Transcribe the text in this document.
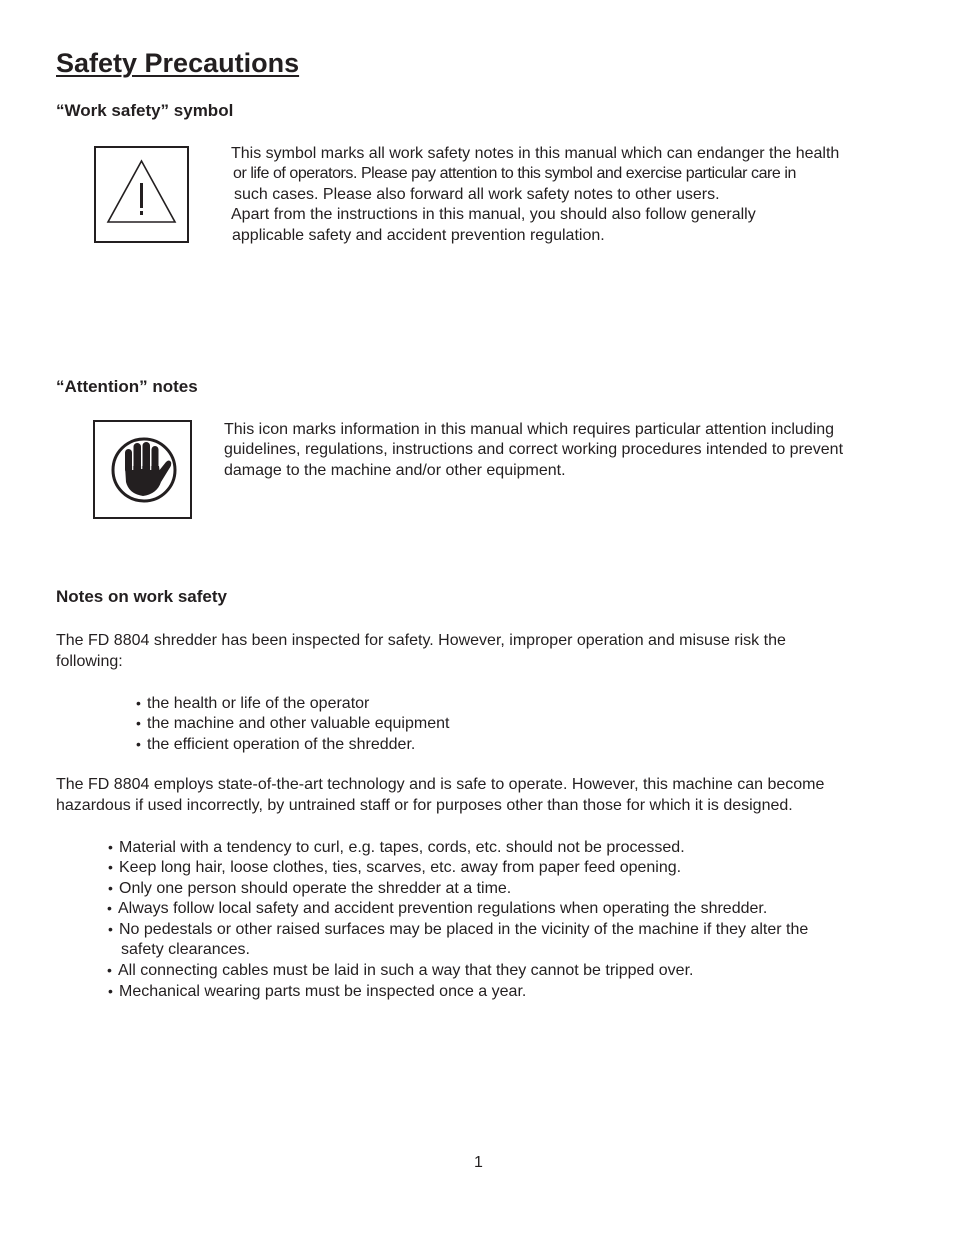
Safety Precautions
“Work safety” symbol
This symbol marks all work safety notes in this manual which can endanger the health
or life of operators. Please pay attention to this symbol and exercise particular care in
such cases. Please also forward all work safety notes to other users.
Apart from the instructions in this manual, you should also follow generally
applicable safety and accident prevention regulation.
“Attention” notes
This icon marks information in this manual which requires particular attention including
guidelines, regulations, instructions and correct working procedures intended to prevent
damage to the machine and/or other equipment.
Notes on work safety
The FD 8804 shredder has been inspected for safety. However, improper operation and misuse risk the
following:
• the health or life of the operator
• the machine and other valuable equipment
• the efficient operation of the shredder.
The FD 8804 employs state-of-the-art technology and is safe to operate. However, this machine can become
hazardous if used incorrectly, by untrained staff or for purposes other than those for which it is designed.
• Material with a tendency to curl, e.g. tapes, cords, etc. should not be processed.
• Keep long hair, loose clothes, ties, scarves, etc. away from paper feed opening.
• Only one person should operate the shredder at a time.
• Always follow local safety and accident prevention regulations when operating the shredder.
• No pedestals or other raised surfaces may be placed in the vicinity of the machine if they alter the
safety clearances.
• All connecting cables must be laid in such a way that they cannot be tripped over.
• Mechanical wearing parts must be inspected once a year.
1
